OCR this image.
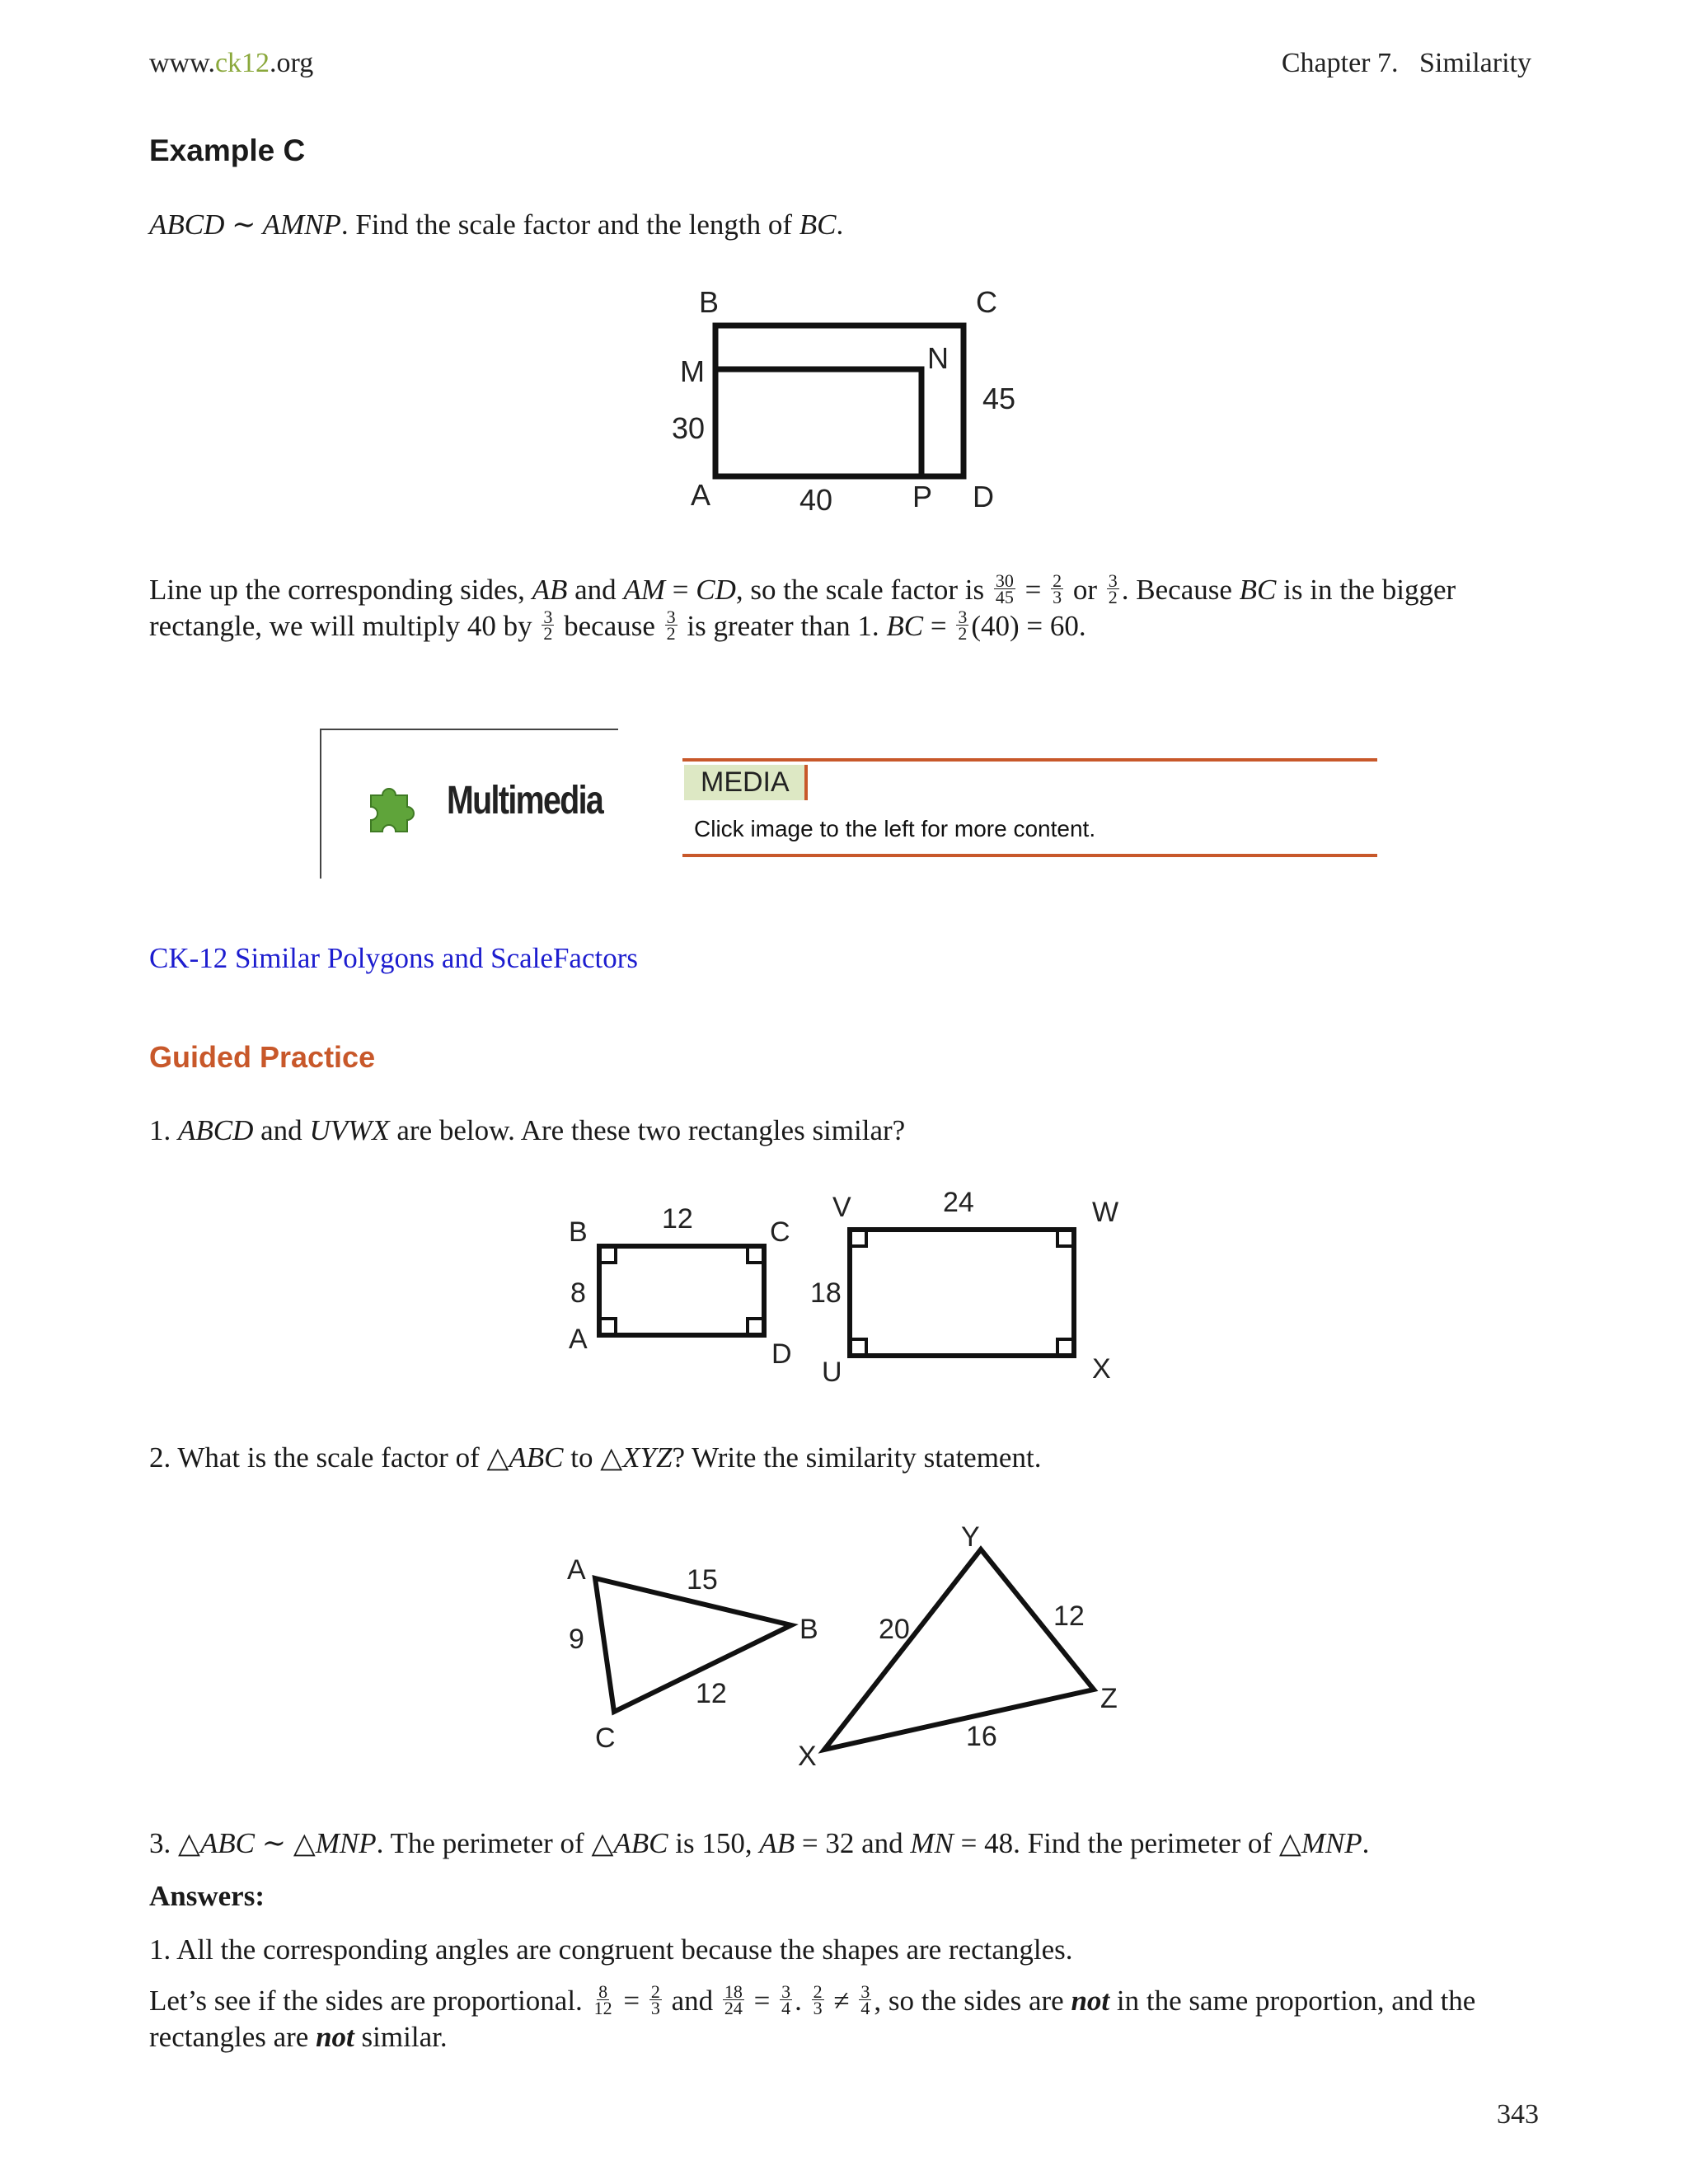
www.ck12.org	Chapter 7.   Similarity
Example C
ABCD ∼ AMNP. Find the scale factor and the length of BC.
B	C
M	N
45
30
A	40	P D
Line up the corresponding sides, AB and AM = CD, so the scale factor is $\frac{30}{45} = \frac{2}{3}$ or $\frac{3}{2}$ . Because BC is in the bigger
rectangle, we will multiply 40 by $\frac{3}{2}$ because $\frac{3}{2}$ is greater than 1. BC = $\frac{3}{2} (40) = 60$.
Multimedia	MEDIA
Click image to the left for more content.
CK-12 Similar Polygons and ScaleFactors
Guided Practice
1. ABCD and UVWX are below. Are these two rectangles similar?
B	12	C
8
A	D
V	24	W
18
U	X
2. What is the scale factor of △ABC to △XYZ? Write the similarity statement.
A	15
B
9
12
C
Y
20	12
Z
16
X
3. △ABC ∼ △MNP. The perimeter of △ABC is 150, AB = 32 and MN = 48. Find the perimeter of △MNP.
Answers:
1. All the corresponding angles are congruent because the shapes are rectangles.
Let’s see if the sides are proportional. $\frac{8}{12} = \frac{2}{3}$ and $\frac{18}{24} = \frac{3}{4}$ . $\frac{2}{3} \ne \frac{3}{4}$ , so the sides are not in the same proportion, and the
rectangles are not similar.
343
